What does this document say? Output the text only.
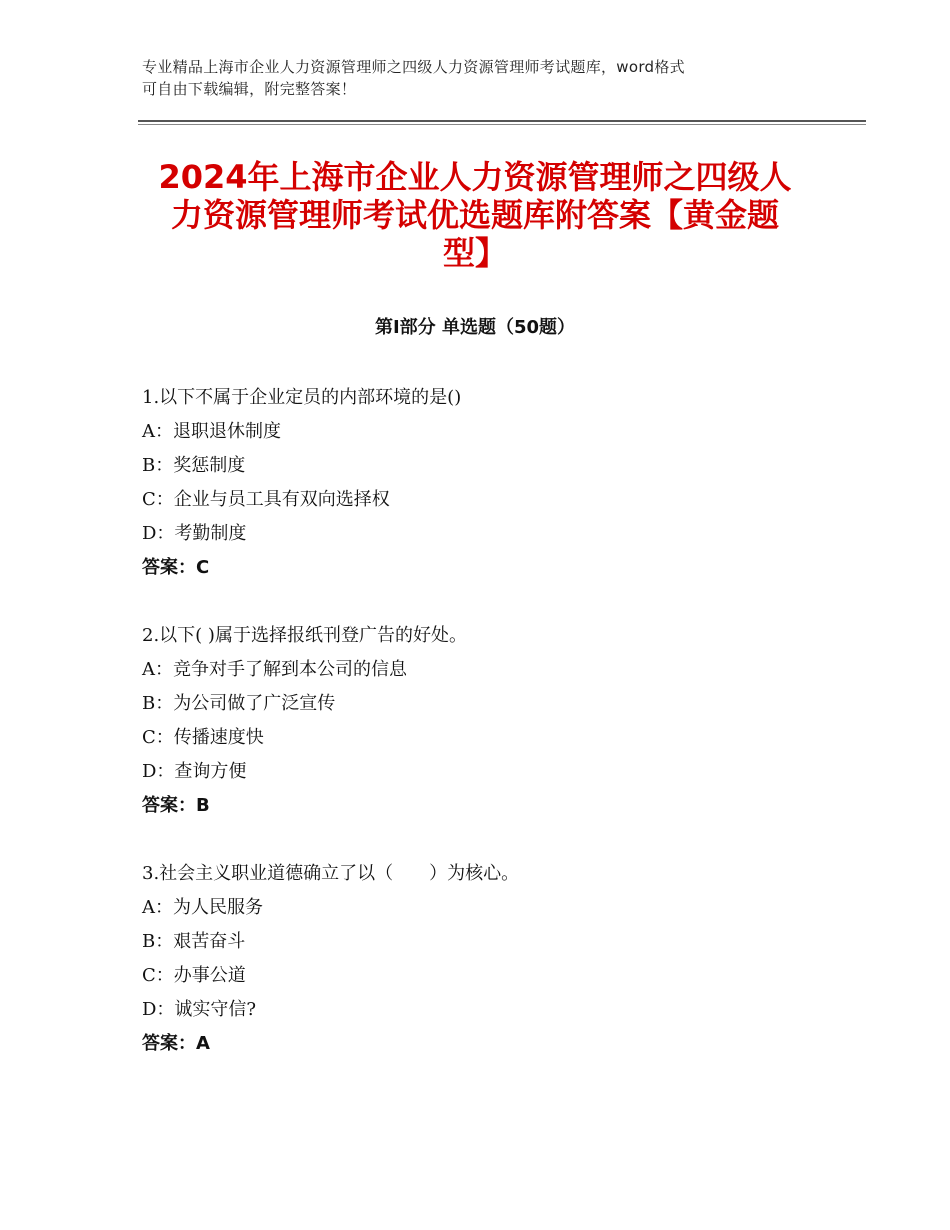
专业精品上海市企业人力资源管理师之四级人力资源管理师考试题库，word格式
可自由下载编辑，附完整答案！
2024年上海市企业人力资源管理师之四级人
力资源管理师考试优选题库附答案【黄金题
型】
第Ⅰ部分 单选题（50题）
1.以下不属于企业定员的内部环境的是()
A：退职退休制度
B：奖惩制度
C：企业与员工具有双向选择权
D：考勤制度
答案：C
2.以下( )属于选择报纸刊登广告的好处。
A：竞争对手了解到本公司的信息
B：为公司做了广泛宣传
C：传播速度快
D：查询方便
答案：B
3.社会主义职业道德确立了以（　　）为核心。
A：为人民服务
B：艰苦奋斗
C：办事公道
D：诚实守信?
答案：A
